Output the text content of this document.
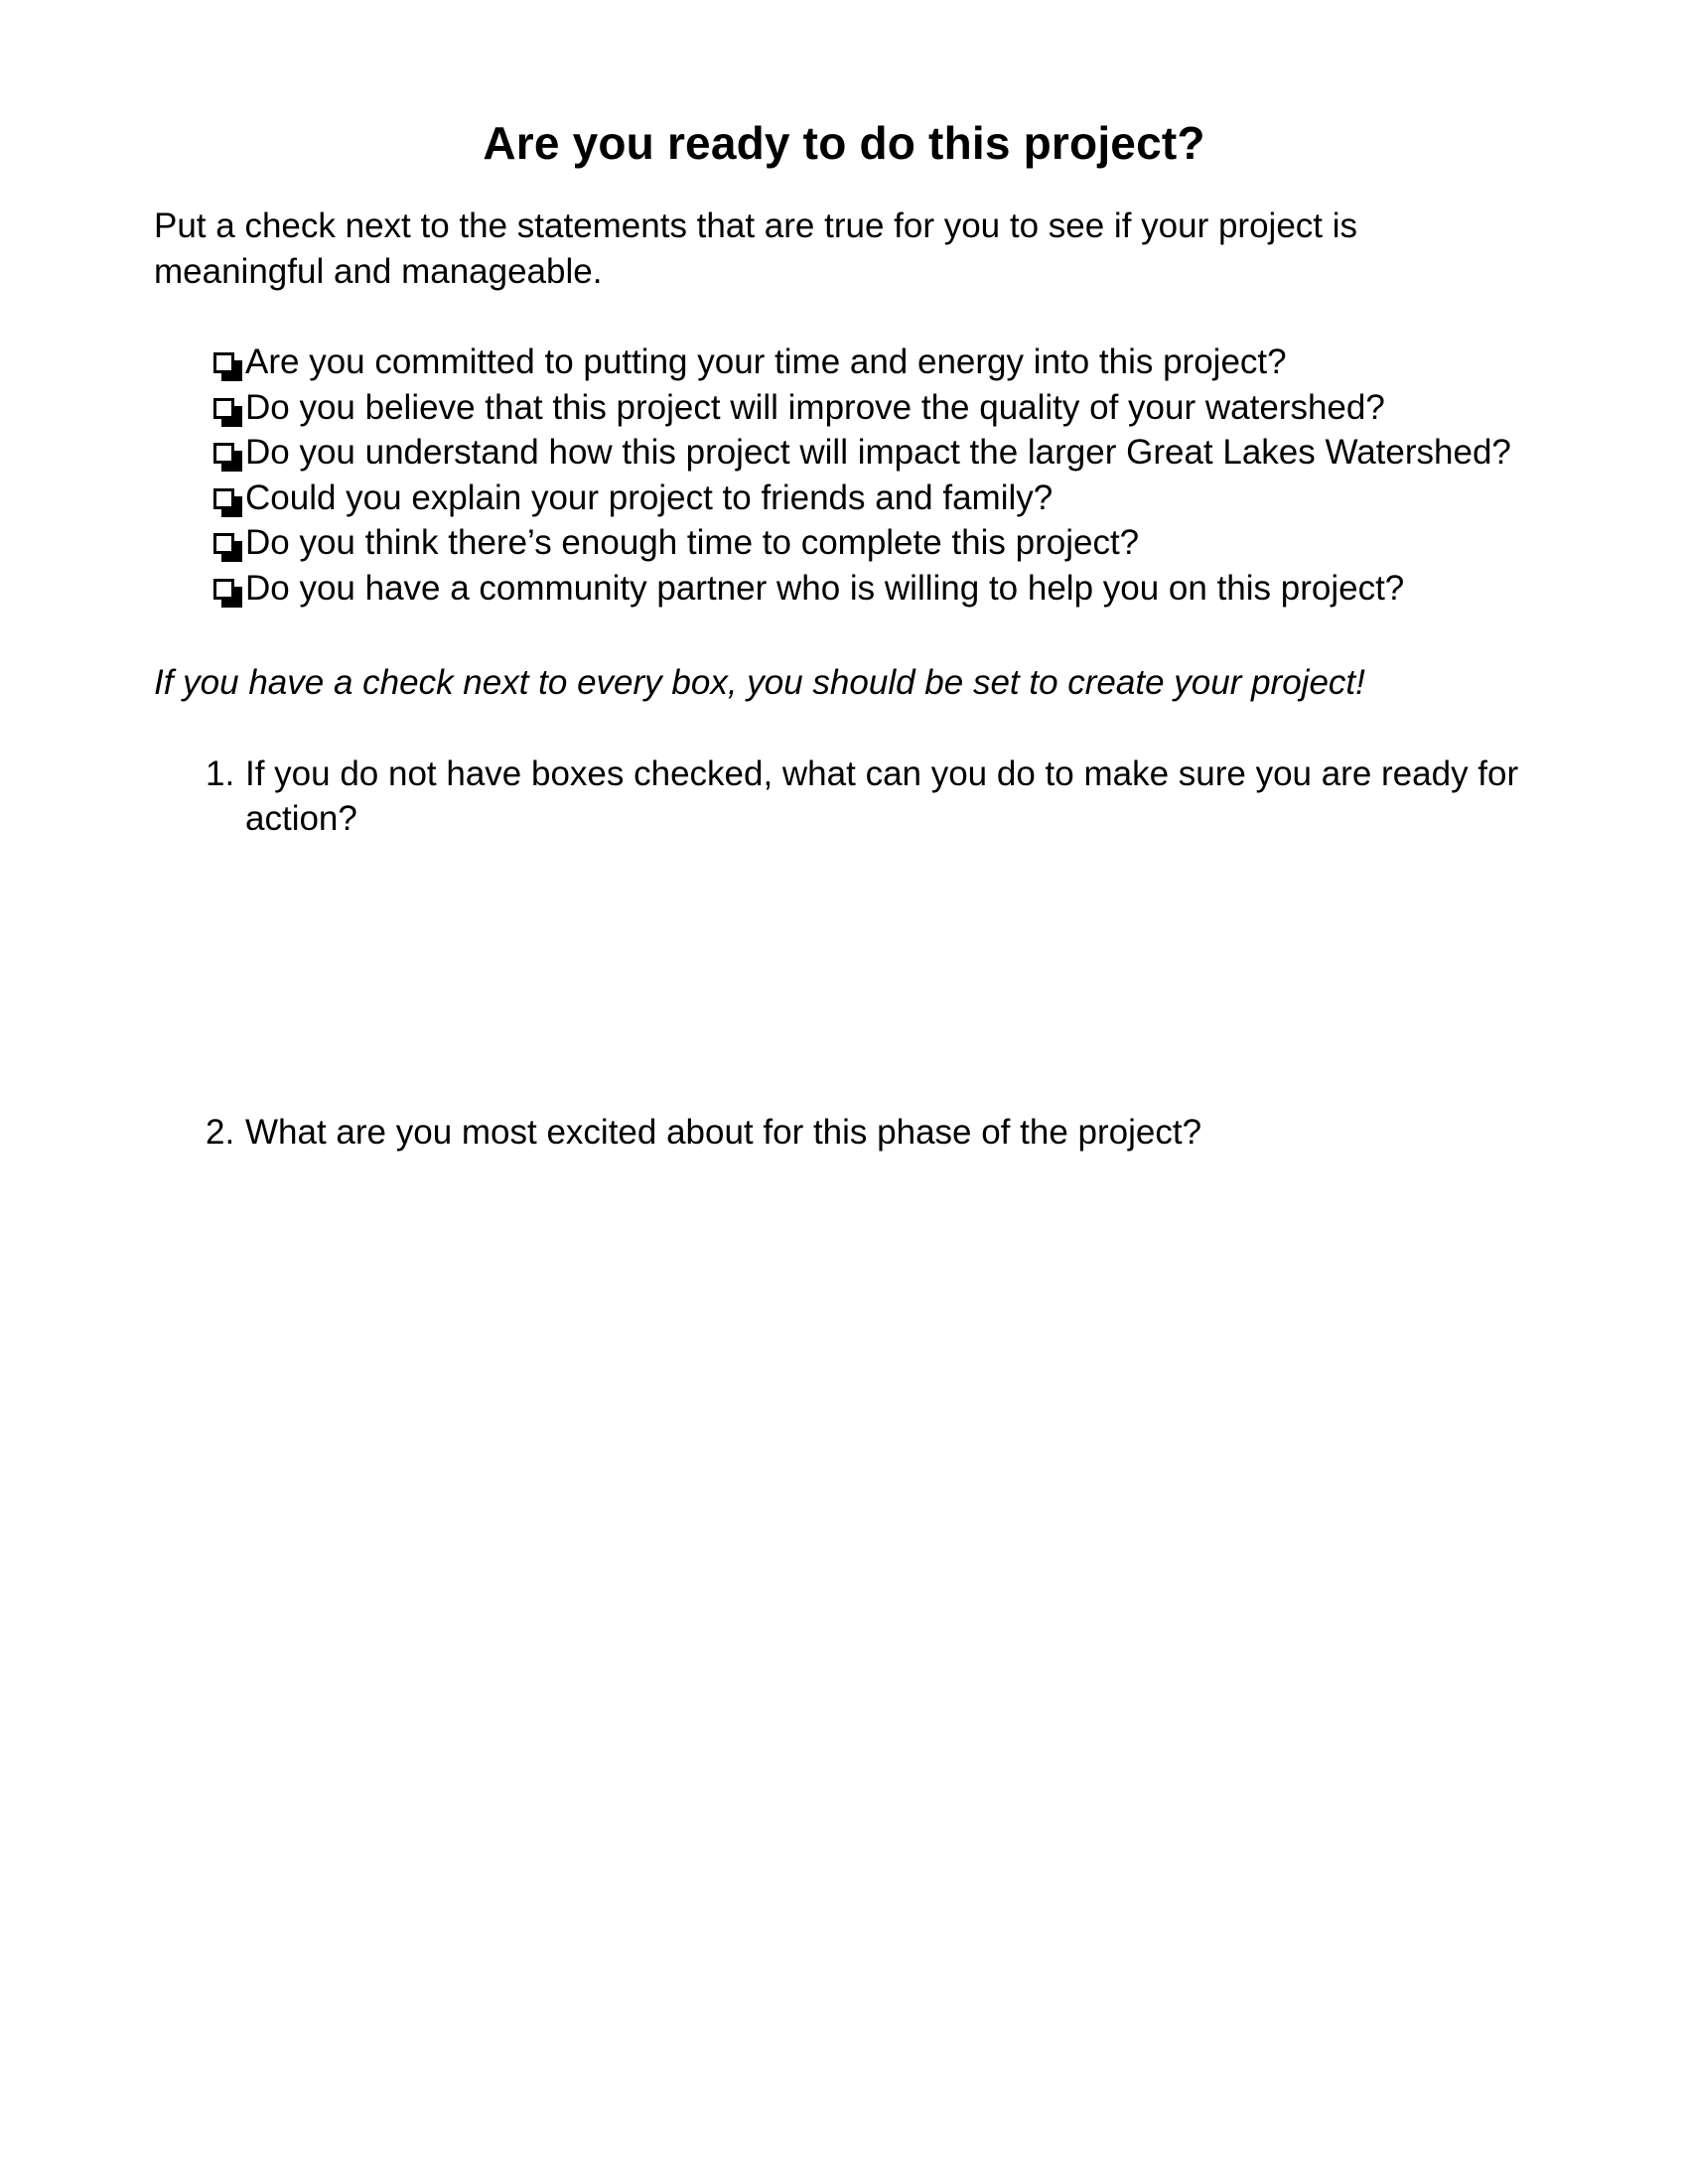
Are you ready to do this project?

Put a check next to the statements that are true for you to see if your project is meaningful and manageable.

Are you committed to putting your time and energy into this project?
Do you believe that this project will improve the quality of your watershed?
Do you understand how this project will impact the larger Great Lakes Watershed?
Could you explain your project to friends and family?
Do you think there’s enough time to complete this project?
Do you have a community partner who is willing to help you on this project?

If you have a check next to every box, you should be set to create your project!

1. If you do not have boxes checked, what can you do to make sure you are ready for action?
2. What are you most excited about for this phase of the project?
